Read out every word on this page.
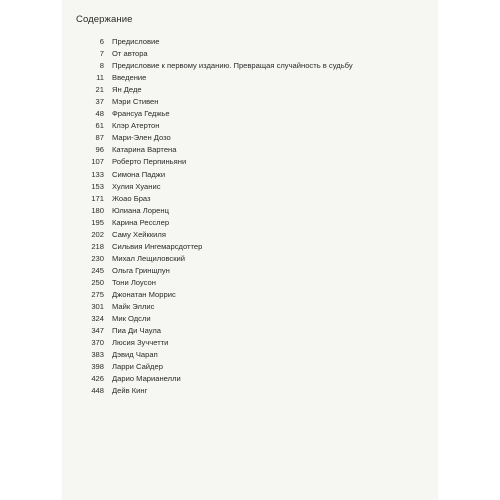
Содержание
6 Предисловие
7 От автора
8 Предисловие к первому изданию. Превращая случайность в судьбу
11 Введение
21 Ян Деде
37 Мэри Стивен
48 Франсуа Геджье
61 Клэр Атертон
87 Мари-Элен Дозо
96 Катарина Вартена
107 Роберто Перпиньяни
133 Симона Паджи
153 Хулия Хуанис
171 Жоао Браз
180 Юлиана Лоренц
195 Карина Ресслер
202 Саму Хейккиля
218 Сильвия Ингемарсдоттер
230 Михал Лещиловский
245 Ольга Гринщпун
250 Тони Лоусон
275 Джонатан Моррис
301 Майк Эллис
324 Мик Одсли
347 Пиа Ди Чаула
370 Люсия Зуччетти
383 Дэвид Чарап
398 Ларри Сайдер
426 Дарио Марианелли
448 Дейв Кинг
